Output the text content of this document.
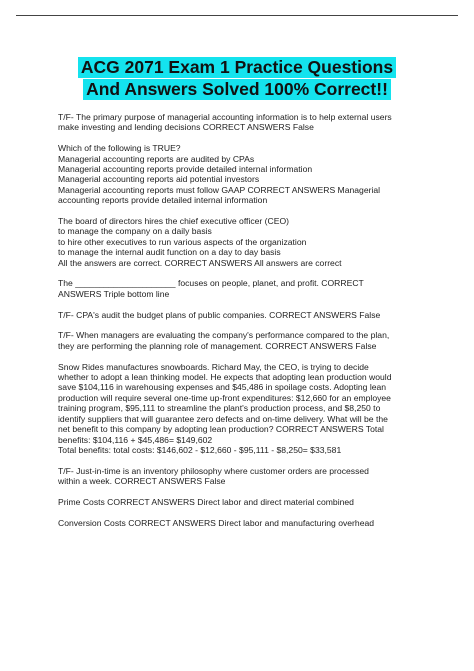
ACG 2071 Exam 1 Practice Questions
And Answers Solved 100% Correct!!
T/F- The primary purpose of managerial accounting information is to help external users
make investing and lending decisions CORRECT ANSWERS False
Which of the following is TRUE?
Managerial accounting reports are audited by CPAs
Managerial accounting reports provide detailed internal information
Managerial accounting reports aid potential investors
Managerial accounting reports must follow GAAP CORRECT ANSWERS Managerial
accounting reports provide detailed internal information
The board of directors hires the chief executive officer (CEO)
to manage the company on a daily basis
to hire other executives to run various aspects of the organization
to manage the internal audit function on a day to day basis
All the answers are correct. CORRECT ANSWERS All answers are correct
The _____________________ focuses on people, planet, and profit. CORRECT
ANSWERS Triple bottom line
T/F- CPA's audit the budget plans of public companies. CORRECT ANSWERS False
T/F- When managers are evaluating the company's performance compared to the plan,
they are performing the planning role of management. CORRECT ANSWERS False
Snow Rides manufactures snowboards. Richard May, the CEO, is trying to decide
whether to adopt a lean thinking model. He expects that adopting lean production would
save $104,116 in warehousing expenses and $45,486 in spoilage costs. Adopting lean
production will require several one-time up-front expenditures: $12,660 for an employee
training program, $95,111 to streamline the plant's production process, and $8,250 to
identify suppliers that will guarantee zero defects and on-time delivery. What will be the
net benefit to this company by adopting lean production? CORRECT ANSWERS Total
benefits: $104,116 + $45,486= $149,602
Total benefits: total costs: $146,602 - $12,660 - $95,111 - $8,250= $33,581
T/F- Just-in-time is an inventory philosophy where customer orders are processed
within a week. CORRECT ANSWERS False
Prime Costs CORRECT ANSWERS Direct labor and direct material combined
Conversion Costs CORRECT ANSWERS Direct labor and manufacturing overhead
